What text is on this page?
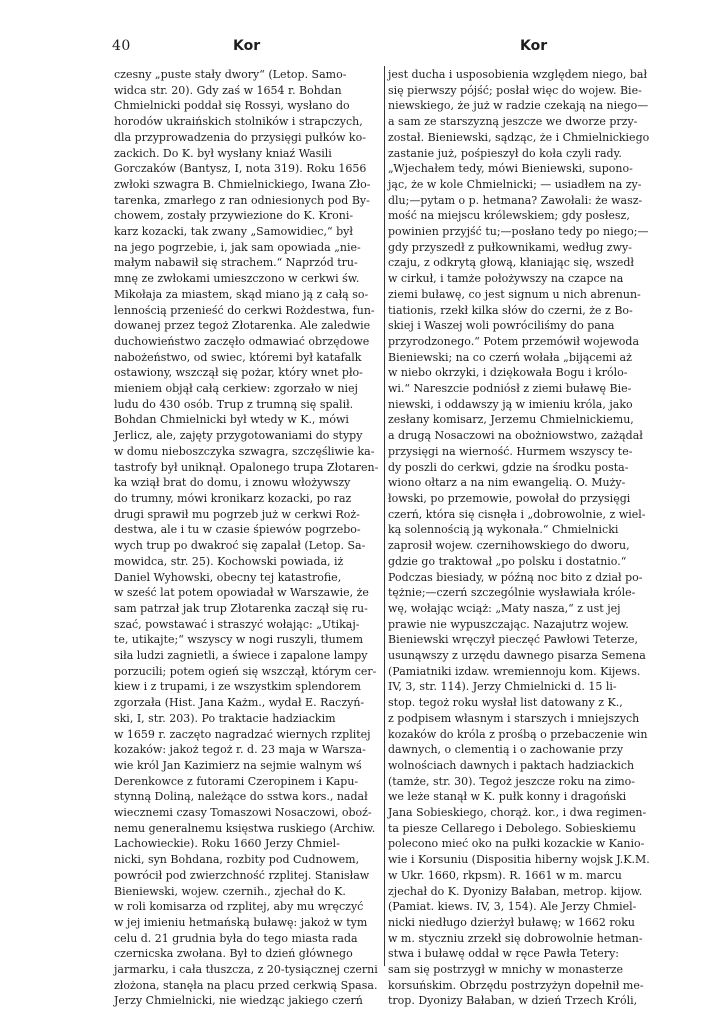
40	Kor	Kor
czesny „puste stały dwory“ (Letop. Samo-
widca str. 20). Gdy zaś w 1654 r. Bohdan
Chmielnicki poddał się Rossyi, wysłano do
horodów ukraińskich stolników i strapczych,
dla przyprowadzenia do przysięgi pułków ko-
zackich. Do K. był wysłany kniaź Wasili
Gorczaków (Bantysz, I, nota 319). Roku 1656
zwłoki szwagra B. Chmielnickiego, Iwana Zło-
tarenka, zmarłego z ran odniesionych pod By-
chowem, zostały przywiezione do K. Kroni-
karz kozacki, tak zwany „Samowidiec,“ był
na jego pogrzebie, i, jak sam opowiada „nie-
małym nabawił się strachem.“ Naprzód tru-
mnę ze zwłokami umieszczono w cerkwi św.
Mikołaja za miastem, skąd miano ją z całą so-
lennością przenieść do cerkwi Rożdestwa, fun-
dowanej przez tegoż Złotarenka. Ale zaledwie
duchowieństwo zaczęło odmawiać obrzędowe
nabożeństwo, od swiec, któremi był katafalk
ostawiony, wszczął się pożar, który wnet pło-
mieniem objął całą cerkiew: zgorzało w niej
ludu do 430 osób. Trup z trumną się spalił.
Bohdan Chmielnicki był wtedy w K., mówi
Jerlicz, ale, zajęty przygotowaniami do stypy
w domu nieboszczyka szwagra, szczęśliwie ka-
tastrofy był uniknął. Opalonego trupa Złotaren-
ka wziął brat do domu, i znowu włożywszy
do trumny, mówi kronikarz kozacki, po raz
drugi sprawił mu pogrzeb już w cerkwi Roż-
destwa, ale i tu w czasie śpiewów pogrzebo-
wych trup po dwakroć się zapalał (Letop. Sa-
mowidca, str. 25). Kochowski powiada, iż
Daniel Wyhowski, obecny tej katastrofie,
w sześć lat potem opowiadał w Warszawie, że
sam patrzał jak trup Złotarenka zaczął się ru-
szać, powstawać i straszyć wołając: „Utikaj-
te, utikajte;“ wszyscy w nogi ruszyli, tłumem
siła ludzi zagnietli, a świece i zapalone lampy
porzucili; potem ogień się wszczął, którym cer-
kiew i z trupami, i ze wszystkim splendorem
zgorzała (Hist. Jana Każm., wydał E. Raczyń-
ski, I, str. 203). Po traktacie hadziackim
w 1659 r. zaczęto nagradzać wiernych rzplitej
kozaków: jakoż tegoż r. d. 23 maja w Warsza-
wie król Jan Kazimierz na sejmie walnym wś
Derenkowce z futorami Czeropinem i Kapu-
stynną Doliną, należące do sstwa kors., nadał
wiecznemi czasy Tomaszowi Nosaczowi, oboź-
nemu generalnemu księstwa ruskiego (Archiw.
Lachowieckie). Roku 1660 Jerzy Chmiel-
nicki, syn Bohdana, rozbity pod Cudnowem,
powrócił pod zwierzchność rzplitej. Stanisław
Bieniewski, wojew. czernih., zjechał do K.
w roli komisarza od rzplitej, aby mu wręczyć
w jej imieniu hetmańską buławę: jakoż w tym
celu d. 21 grudnia była do tego miasta rada
czernicska zwołana. Był to dzień głównego
jarmarku, i cała tłuszcza, z 20-tysiącznej czerni
złożona, stanęła na placu przed cerkwią Spasa.
Jerzy Chmielnicki, nie wiedząc jakiego czerń
jest ducha i usposobienia względem niego, bał
się pierwszy pójść; posłał więc do wojew. Bie-
niewskiego, że już w radzie czekają na niego—
a sam ze starszyzną jeszcze we dworze przy-
został. Bieniewski, sądząc, że i Chmielnickiego
zastanie już, pośpieszył do koła czyli rady.
„Wjechałem tedy, mówi Bieniewski, supono-
jąc, że w kole Chmielnicki; — usiadłem na zy-
dlu;—pytam o p. hetmana? Zawołali: że wasz-
mość na miejscu królewskiem; gdy posłesz,
powinien przyjść tu;—posłano tedy po niego;—
gdy przyszedł z pułkownikami, według zwy-
czaju, z odkrytą głową, kłaniając się, wszedł
w cirkuł, i tamże położywszy na czapce na
ziemi buławę, co jest signum u nich abrenun-
tiationis, rzekł kilka słów do czerni, że z Bo-
skiej i Waszej woli powróciliśmy do pana
przyrodzonego.“ Potem przemówił wojewoda
Bieniewski; na co czerń wołała „bijącemi aż
w niebo okrzyki, i dziękowała Bogu i królo-
wi.“ Nareszcie podniósł z ziemi buławę Bie-
niewski, i oddawszy ją w imieniu króla, jako
zesłany komisarz, Jerzemu Chmielnickiemu,
a drugą Nosaczowi na obożniowstwo, zażądał
przysięgi na wierność. Hurmem wszyscy te-
dy poszli do cerkwi, gdzie na środku posta-
wiono ołtarz a na nim ewangelią. O. Muży-
łowski, po przemowie, powołał do przysięgi
czerń, która się cisnęła i „dobrowolnie, z wiel-
ką solennością ją wykonała.“ Chmielnicki
zaprosił wojew. czernihowskiego do dworu,
gdzie go traktował „po polsku i dostatnio.“
Podczas biesiady, w późną noc bito z dział po-
tężnie;—czerń szczególnie wysławiała króle-
wę, wołając wciąż: „Maty nasza,“ z ust jej
prawie nie wypuszczając. Nazajutrz wojew.
Bieniewski wręczył pieczęć Pawłowi Teterze,
usunąwszy z urzędu dawnego pisarza Semena
(Pamiatniki izdaw. wremiennoju kom. Kijews.
IV, 3, str. 114). Jerzy Chmielnicki d. 15 li-
stop. tegoż roku wysłał list datowany z K.,
z podpisem własnym i starszych i mniejszych
kozaków do króla z prośbą o przebaczenie win
dawnych, o clementią i o zachowanie przy
wolnościach dawnych i paktach hadziackich
(tamże, str. 30). Tegoż jeszcze roku na zimo-
we leże stanął w K. pułk konny i dragoński
Jana Sobieskiego, chorąż. kor., i dwa regimen-
ta piesze Cellarego i Debolego. Sobieskiemu
polecono mieć oko na pułki kozackie w Kanio-
wie i Korsuniu (Dispositia hiberny wojsk J.K.M.
w Ukr. 1660, rkpsm). R. 1661 w m. marcu
zjechał do K. Dyonizy Bałaban, metrop. kijow.
(Pamiat. kiews. IV, 3, 154). Ale Jerzy Chmiel-
nicki niedługo dzierżył buławę; w 1662 roku
w m. styczniu zrzekł się dobrowolnie hetman-
stwa i buławę oddał w ręce Pawła Tetery:
sam się postrzygł w mnichy w monasterze
korsuńskim. Obrzędu postrzyżyn dopełnił me-
trop. Dyonizy Bałaban, w dzień Trzech Króli,
